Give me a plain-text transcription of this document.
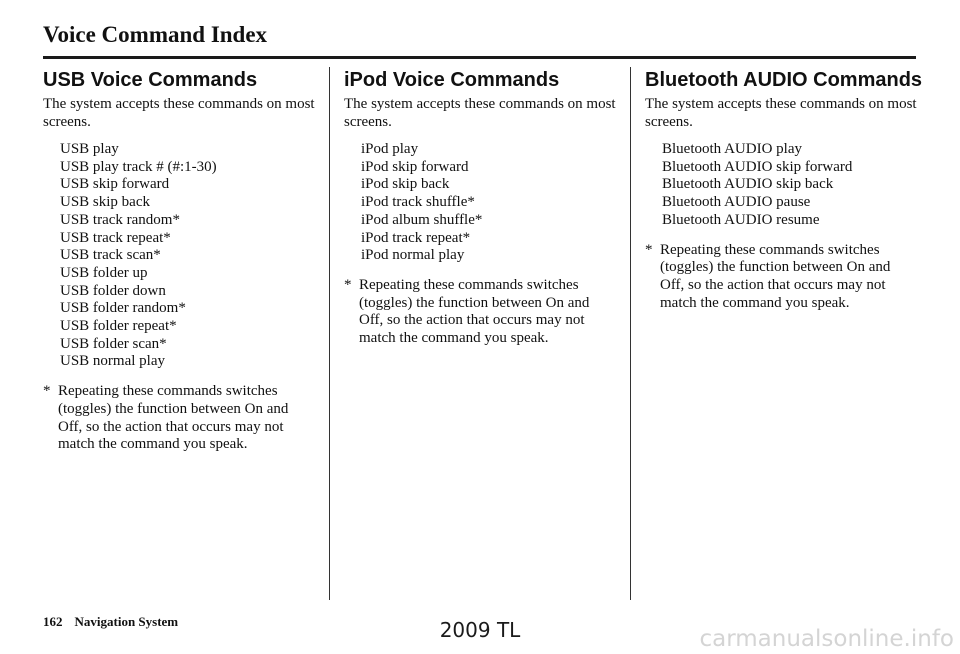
Voice Command Index
USB Voice Commands

The system accepts these commands on most screens.

USB play
USB play track # (#:1-30)
USB skip forward
USB skip back
USB track random*
USB track repeat*
USB track scan*
USB folder up
USB folder down
USB folder random*
USB folder repeat*
USB folder scan*
USB normal play

* Repeating these commands switches (toggles) the function between On and Off, so the action that occurs may not match the command you speak.

iPod Voice Commands

The system accepts these commands on most screens.

iPod play
iPod skip forward
iPod skip back
iPod track shuffle*
iPod album shuffle*
iPod track repeat*
iPod normal play

* Repeating these commands switches (toggles) the function between On and Off, so the action that occurs may not match the command you speak.

Bluetooth AUDIO Commands

The system accepts these commands on most screens.

Bluetooth AUDIO play
Bluetooth AUDIO skip forward
Bluetooth AUDIO skip back
Bluetooth AUDIO pause
Bluetooth AUDIO resume

* Repeating these commands switches (toggles) the function between On and Off, so the action that occurs may not match the command you speak.

162 Navigation System	2009 TL	carmanualsonline.info
